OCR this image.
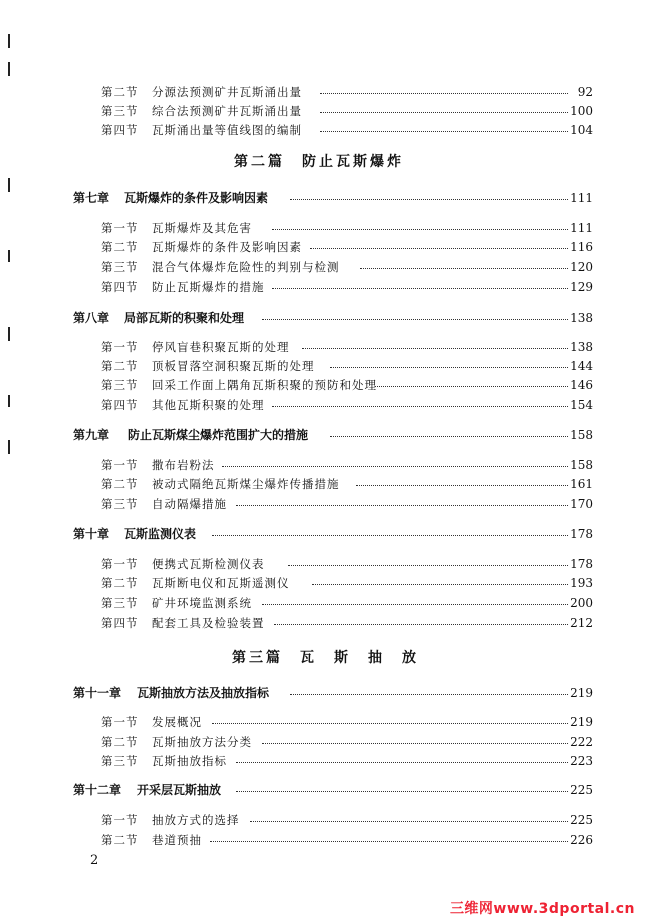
第二节 分源法预测矿井瓦斯涌出量	92
第三节 综合法预测矿井瓦斯涌出量	100
第四节 瓦斯涌出量等值线图的编制	104
第二篇　防止瓦斯爆炸
第七章 瓦斯爆炸的条件及影响因素	111
第一节 瓦斯爆炸及其危害	111
第二节 瓦斯爆炸的条件及影响因素	116
第三节 混合气体爆炸危险性的判别与检测	120
第四节 防止瓦斯爆炸的措施	129
第八章 局部瓦斯的积聚和处理	138
第一节 停风盲巷积聚瓦斯的处理	138
第二节 顶板冒落空洞积聚瓦斯的处理	144
第三节 回采工作面上隅角瓦斯积聚的预防和处理	146
第四节 其他瓦斯积聚的处理	154
第九章 防止瓦斯煤尘爆炸范围扩大的措施	158
第一节 撒布岩粉法	158
第二节 被动式隔绝瓦斯煤尘爆炸传播措施	161
第三节 自动隔爆措施	170
第十章 瓦斯监测仪表	178
第一节 便携式瓦斯检测仪表	178
第二节 瓦斯断电仪和瓦斯遥测仪	193
第三节 矿井环境监测系统	200
第四节 配套工具及检验装置	212
第三篇　瓦　斯　抽　放
第十一章 瓦斯抽放方法及抽放指标	219
第一节 发展概况	219
第二节 瓦斯抽放方法分类	222
第三节 瓦斯抽放指标	223
第十二章 开采层瓦斯抽放	225
第一节 抽放方式的选择	225
第二节 巷道预抽	226
2
三维网www.3dportal.cn
